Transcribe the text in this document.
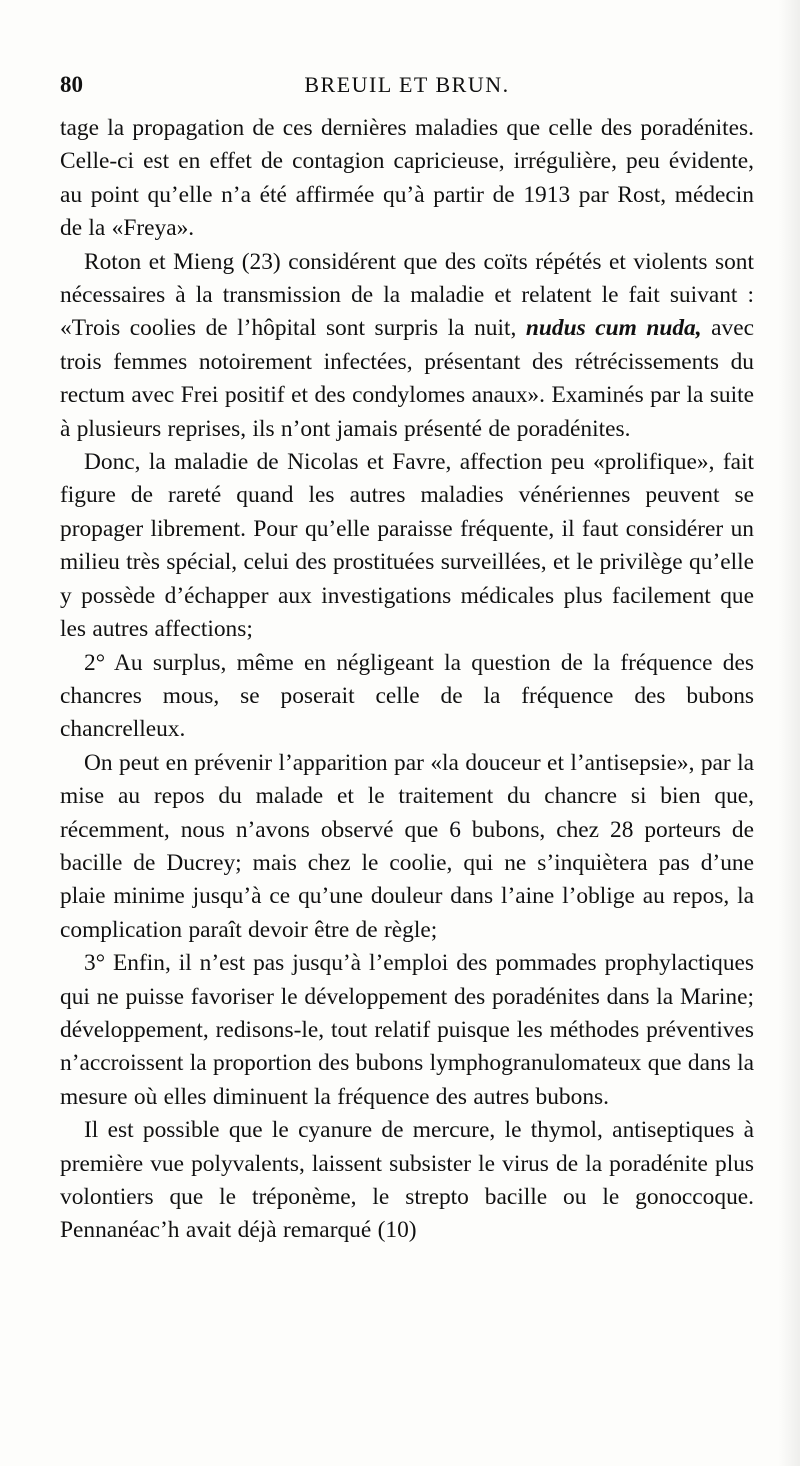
80	BREUIL ET BRUN.

tage la propagation de ces dernières maladies que celle des poradénites. Celle-ci est en effet de contagion capricieuse, irrégulière, peu évidente, au point qu’elle n’a été affirmée qu’à partir de 1913 par Rost, médecin de la «Freya».

Roton et Mieng (23) considérent que des coïts répétés et violents sont nécessaires à la transmission de la maladie et relatent le fait suivant : «Trois coolies de l’hôpital sont surpris la nuit, nudus cum nuda, avec trois femmes notoirement infectées, présentant des rétrécissements du rectum avec Frei positif et des condylomes anaux». Examinés par la suite à plusieurs reprises, ils n’ont jamais présenté de poradénites.

Donc, la maladie de Nicolas et Favre, affection peu «prolifique», fait figure de rareté quand les autres maladies vénériennes peuvent se propager librement. Pour qu’elle paraisse fréquente, il faut considérer un milieu très spécial, celui des prostituées surveillées, et le privilège qu’elle y possède d’échapper aux investigations médicales plus facilement que les autres affections;

2° Au surplus, même en négligeant la question de la fréquence des chancres mous, se poserait celle de la fréquence des bubons chancrelleux.

On peut en prévenir l’apparition par «la douceur et l’antisepsie», par la mise au repos du malade et le traitement du chancre si bien que, récemment, nous n’avons observé que 6 bubons, chez 28 porteurs de bacille de Ducrey; mais chez le coolie, qui ne s’inquiètera pas d’une plaie minime jusqu’à ce qu’une douleur dans l’aine l’oblige au repos, la complication paraît devoir être de règle;

3° Enfin, il n’est pas jusqu’à l’emploi des pommades prophylactiques qui ne puisse favoriser le développement des poradénites dans la Marine; développement, redisons-le, tout relatif puisque les méthodes préventives n’accroissent la proportion des bubons lymphogranulomateux que dans la mesure où elles diminuent la fréquence des autres bubons.

Il est possible que le cyanure de mercure, le thymol, antiseptiques à première vue polyvalents, laissent subsister le virus de la poradénite plus volontiers que le tréponème, le strepto bacille ou le gonoccoque. Pennanéac’h avait déjà remarqué (10)
